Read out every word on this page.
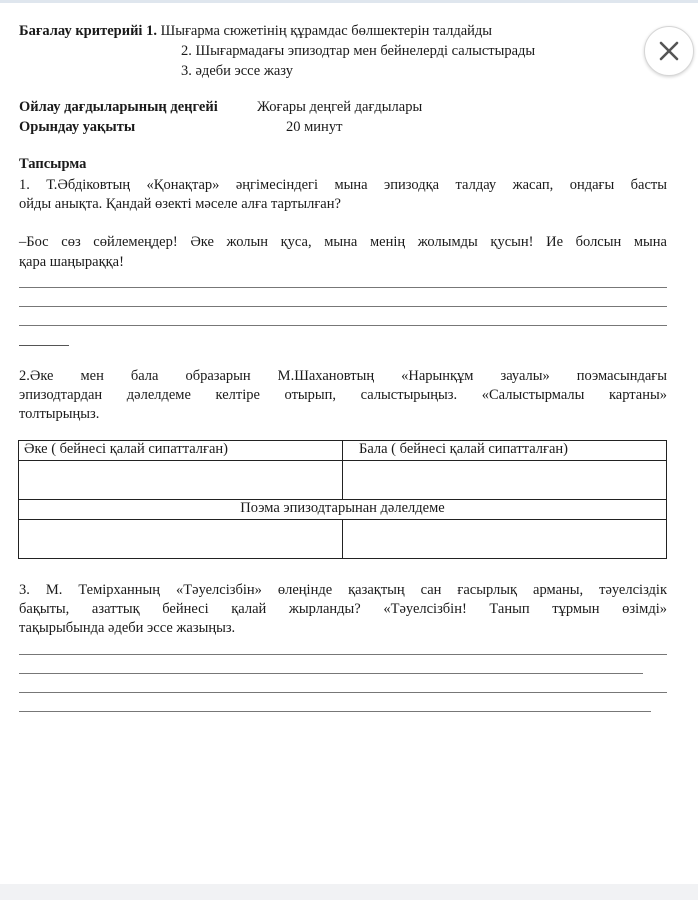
Бағалау критерийі 1. Шығарма сюжетінің құрамдас бөлшектерін талдайды
2. Шығармадағы эпизодтар мен бейнелерді салыстырады
3. әдеби эссе жазу
Ойлау дағдыларының деңгейі	Жоғары деңгей дағдылары
Орындау уақыты	20 минут
Тапсырма
1. Т.Әбдіковтың «Қонақтар» әңгімесіндегі мына эпизодқа талдау жасап, ондағы басты
ойды анықта. Қандай өзекті мәселе алға тартылған?
–Бос сөз сөйлемеңдер! Әке жолын қуса, мына менің жолымды қусын! Ие болсын мына
қара шаңыраққа!
2.Әке мен бала образарын М.Шахановтың «Нарынқұм зауалы» поэмасындағы
эпизодтардан дәлелдеме келтіре отырып, салыстырыңыз. «Салыстырмалы картаны»
толтырыңыз.
Әке ( бейнесі қалай сипатталған)	Бала ( бейнесі қалай сипатталған)

Поэма эпизодтарынан дәлелдеме	

3. М. Темірханның «Тәуелсізбін» өлеңінде қазақтың сан ғасырлық арманы, тәуелсіздік
бақыты, азаттық бейнесі қалай жырланды? «Тәуелсізбін! Танып тұрмын өзімді»
тақырыбында әдеби эссе жазыңыз.
